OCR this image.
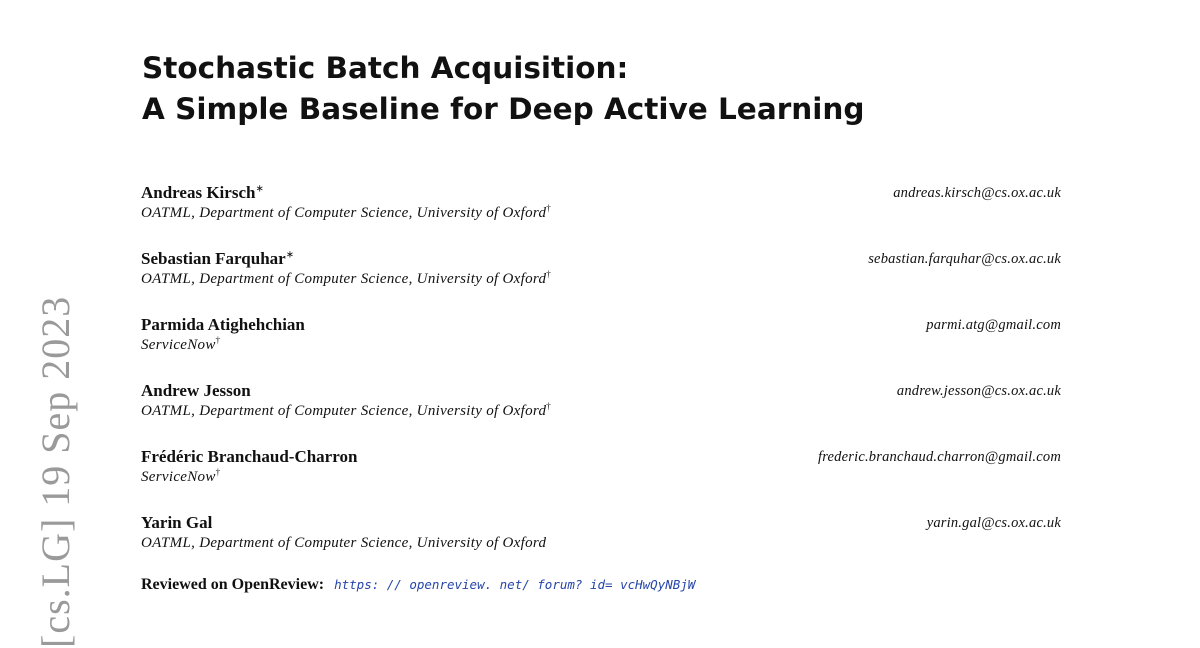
[cs.LG] 19 Sep 2023
Stochastic Batch Acquisition:
A Simple Baseline for Deep Active Learning
Andreas Kirsch∗
OATML, Department of Computer Science, University of Oxford†
andreas.kirsch@cs.ox.ac.uk
Sebastian Farquhar∗
OATML, Department of Computer Science, University of Oxford†
sebastian.farquhar@cs.ox.ac.uk
Parmida Atighehchian
ServiceNow†
parmi.atg@gmail.com
Andrew Jesson
OATML, Department of Computer Science, University of Oxford†
andrew.jesson@cs.ox.ac.uk
Frédéric Branchaud-Charron
ServiceNow†
frederic.branchaud.charron@gmail.com
Yarin Gal
OATML, Department of Computer Science, University of Oxford
yarin.gal@cs.ox.ac.uk
Reviewed on OpenReview: https: // openreview. net/ forum? id= vcHwQyNBjW
